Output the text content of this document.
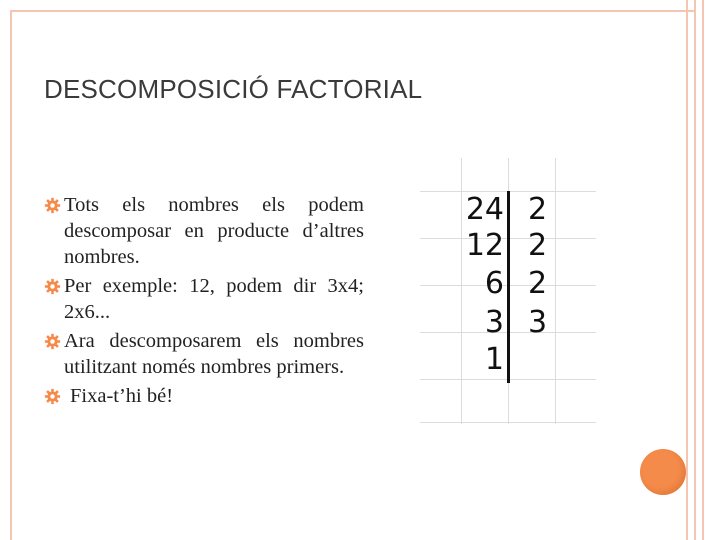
DESCOMPOSICIÓ FACTORIAL
Tots els nombres els podem descomposar en producte d’altres nombres.
Per exemple: 12, podem dir 3x4; 2x6...
Ara descomposarem els nombres utilitzant només nombres primers.
Fixa-t’hi bé!
24
12
6
3
1
2
2
2
3
